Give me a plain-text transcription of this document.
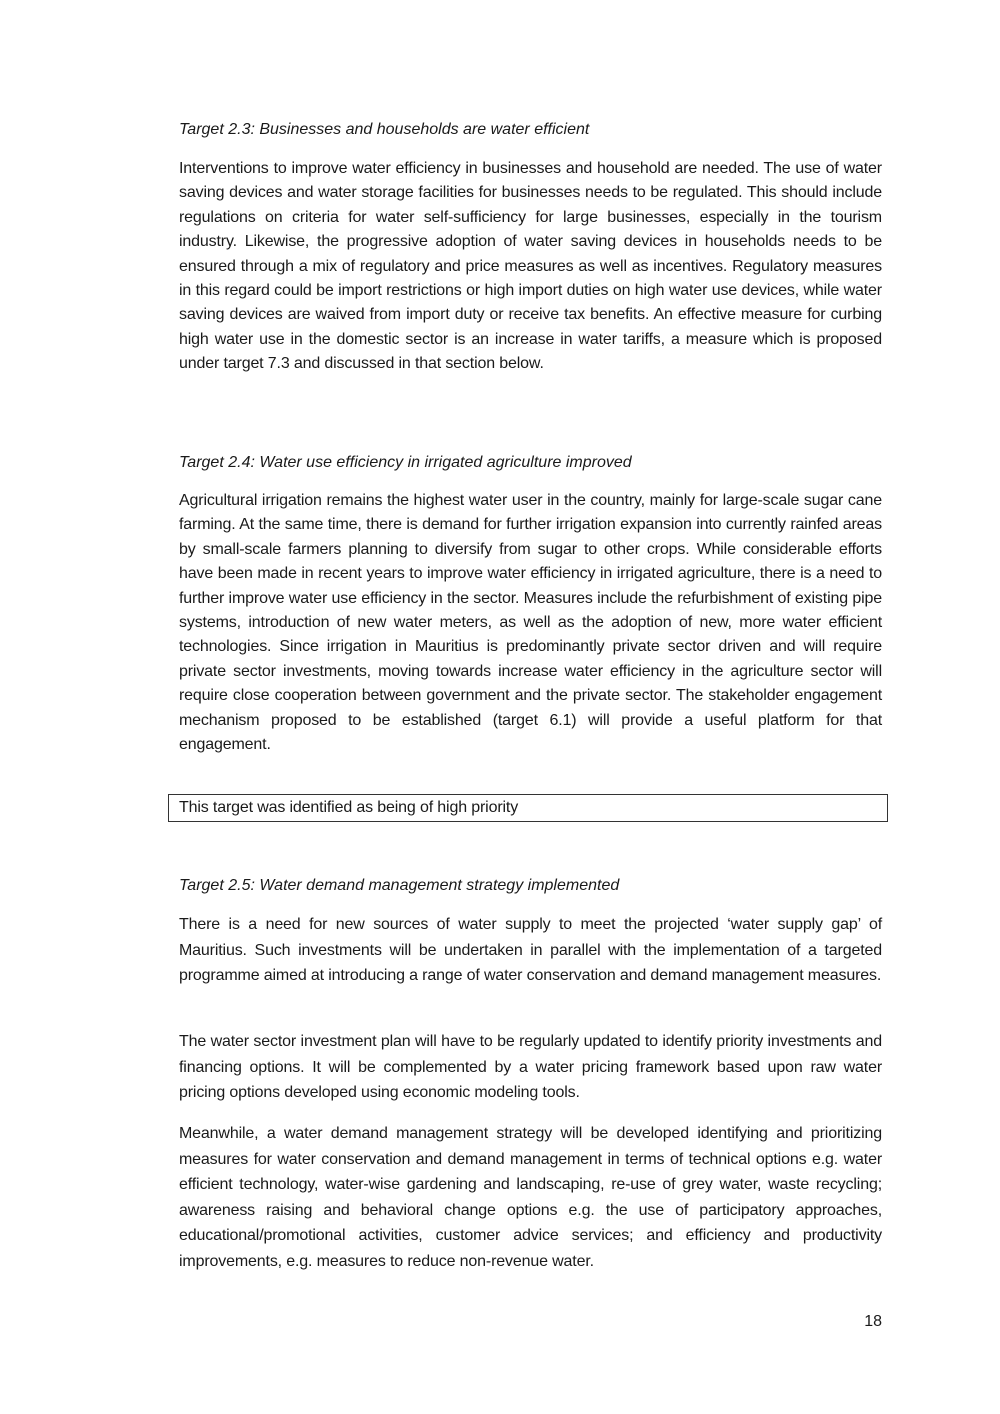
Target 2.3: Businesses and households are water efficient

Interventions to improve water efficiency in businesses and household are needed. The use of water saving devices and water storage facilities for businesses needs to be regulated. This should include regulations on criteria for water self-sufficiency for large businesses, especially in the tourism industry. Likewise, the progressive adoption of water saving devices in households needs to be ensured through a mix of regulatory and price measures as well as incentives. Regulatory measures in this regard could be import restrictions or high import duties on high water use devices, while water saving devices are waived from import duty or receive tax benefits. An effective measure for curbing high water use in the domestic sector is an increase in water tariffs, a measure which is proposed under target 7.3 and discussed in that section below.

Target 2.4: Water use efficiency in irrigated agriculture improved

Agricultural irrigation remains the highest water user in the country, mainly for large-scale sugar cane farming. At the same time, there is demand for further irrigation expansion into currently rainfed areas by small-scale farmers planning to diversify from sugar to other crops. While considerable efforts have been made in recent years to improve water efficiency in irrigated agriculture, there is a need to further improve water use efficiency in the sector. Measures include the refurbishment of existing pipe systems, introduction of new water meters, as well as the adoption of new, more water efficient technologies. Since irrigation in Mauritius is predominantly private sector driven and will require private sector investments, moving towards increase water efficiency in the agriculture sector will require close cooperation between government and the private sector. The stakeholder engagement mechanism proposed to be established (target 6.1) will provide a useful platform for that engagement.

This target was identified as being of high priority

Target 2.5: Water demand management strategy implemented

There is a need for new sources of water supply to meet the projected ‘water supply gap’ of Mauritius. Such investments will be undertaken in parallel with the implementation of a targeted programme aimed at introducing a range of water conservation and demand management measures.

The water sector investment plan will have to be regularly updated to identify priority investments and financing options. It will be complemented by a water pricing framework based upon raw water pricing options developed using economic modeling tools.

Meanwhile, a water demand management strategy will be developed identifying and prioritizing measures for water conservation and demand management in terms of technical options e.g. water efficient technology, water-wise gardening and landscaping, re-use of grey water, waste recycling; awareness raising and behavioral change options e.g. the use of participatory approaches, educational/promotional activities, customer advice services; and efficiency and productivity improvements, e.g. measures to reduce non-revenue water.

18
